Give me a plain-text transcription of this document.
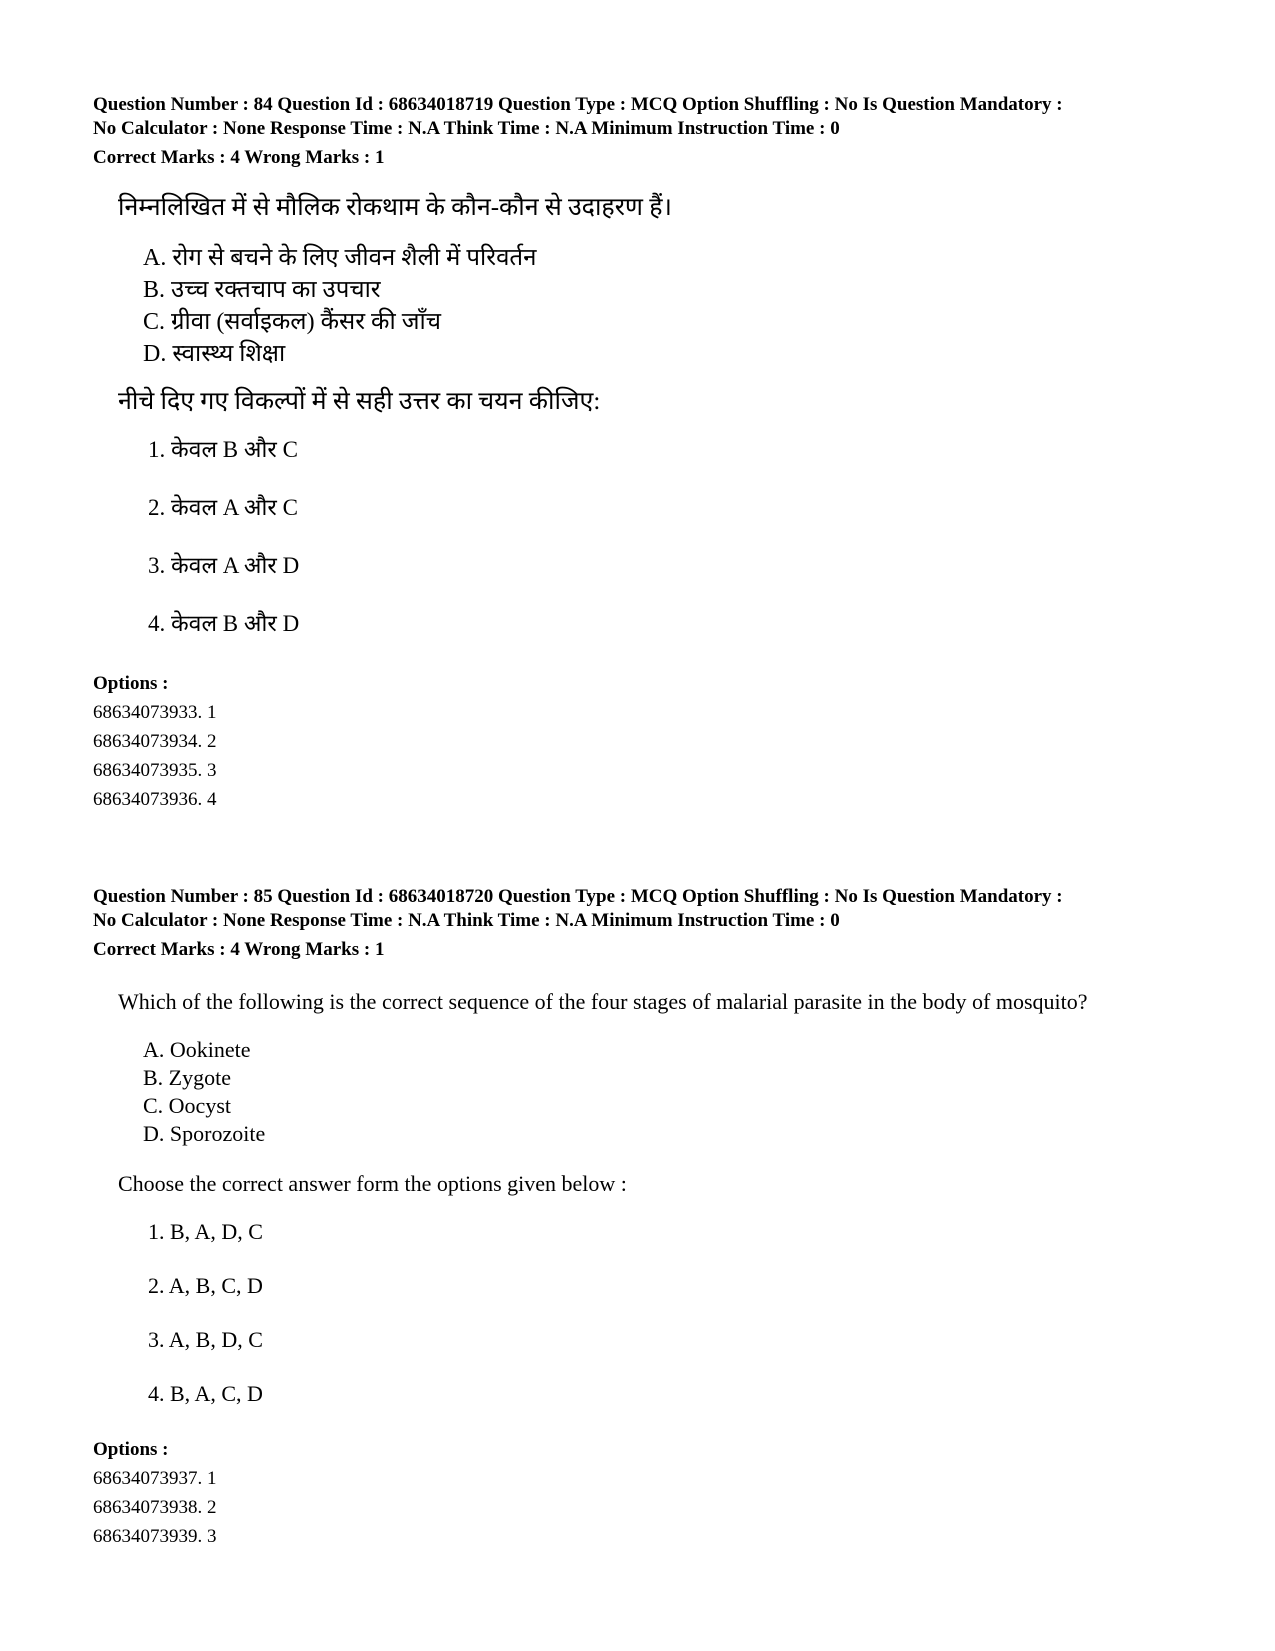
Question Number : 84 Question Id : 68634018719 Question Type : MCQ Option Shuffling : No Is Question Mandatory :
No Calculator : None Response Time : N.A Think Time : N.A Minimum Instruction Time : 0
Correct Marks : 4 Wrong Marks : 1
निम्नलिखित में से मौलिक रोकथाम के कौन-कौन से उदाहरण हैं।
A. रोग से बचने के लिए जीवन शैली में परिवर्तन
B. उच्च रक्तचाप का उपचार
C. ग्रीवा (सर्वाइकल) कैंसर की जाँच
D. स्वास्थ्य शिक्षा
नीचे दिए गए विकल्पों में से सही उत्तर का चयन कीजिए:
1. केवल B और C
2. केवल A और C
3. केवल A और D
4. केवल B और D
Options :
68634073933. 1
68634073934. 2
68634073935. 3
68634073936. 4
Question Number : 85 Question Id : 68634018720 Question Type : MCQ Option Shuffling : No Is Question Mandatory :
No Calculator : None Response Time : N.A Think Time : N.A Minimum Instruction Time : 0
Correct Marks : 4 Wrong Marks : 1
Which of the following is the correct sequence of the four stages of malarial parasite in the body of mosquito?
A. Ookinete
B. Zygote
C. Oocyst
D. Sporozoite
Choose the correct answer form the options given below :
1. B, A, D, C
2. A, B, C, D
3. A, B, D, C
4. B, A, C, D
Options :
68634073937. 1
68634073938. 2
68634073939. 3
